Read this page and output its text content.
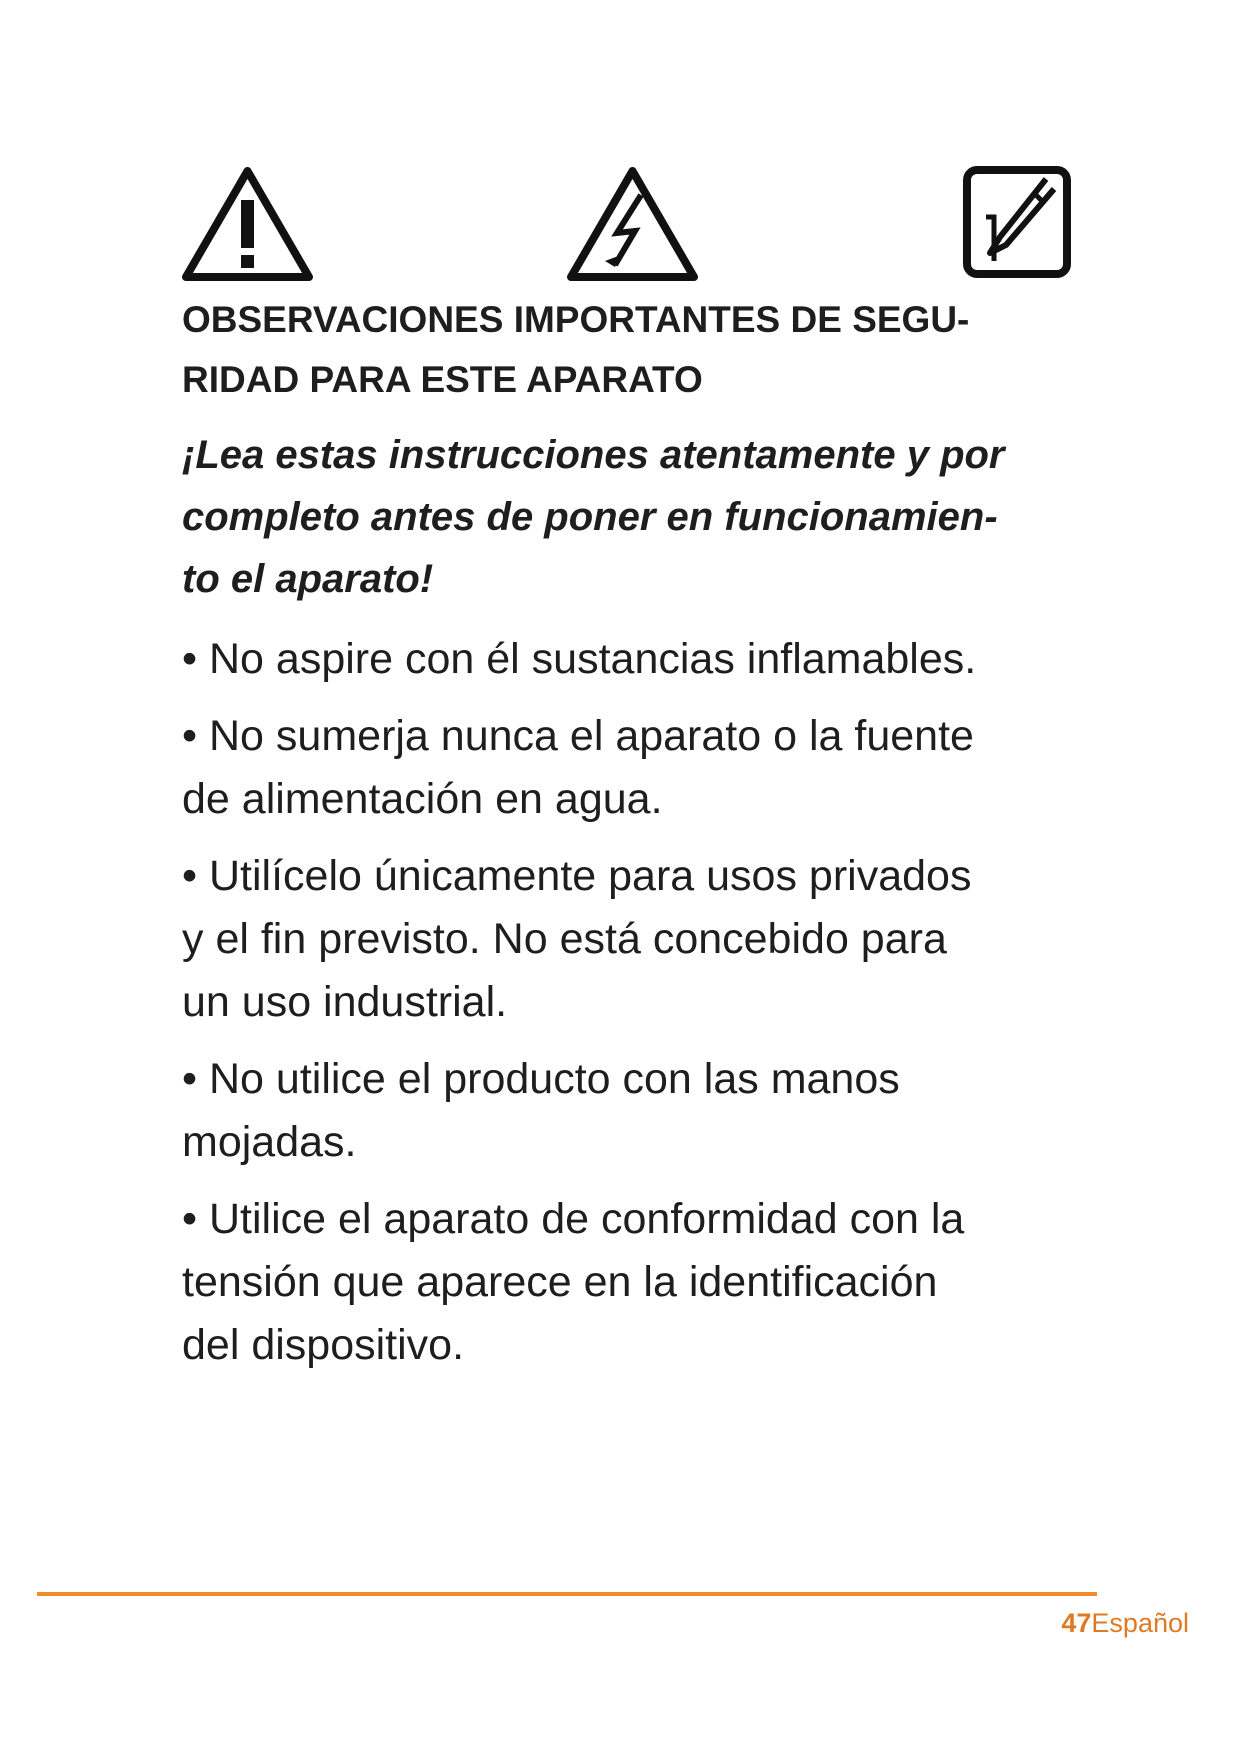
OBSERVACIONES IMPORTANTES DE SEGU-
RIDAD PARA ESTE APARATO

¡Lea estas instrucciones atentamente y por
completo antes de poner en funcionamien-
to el aparato!

• No aspire con él sustancias inflamables.
• No sumerja nunca el aparato o la fuente
de alimentación en agua.
• Utilícelo únicamente para usos privados
y el fin previsto. No está concebido para
un uso industrial.
• No utilice el producto con las manos
mojadas.
• Utilice el aparato de conformidad con la
tensión que aparece en la identificación
del dispositivo.
47Español
